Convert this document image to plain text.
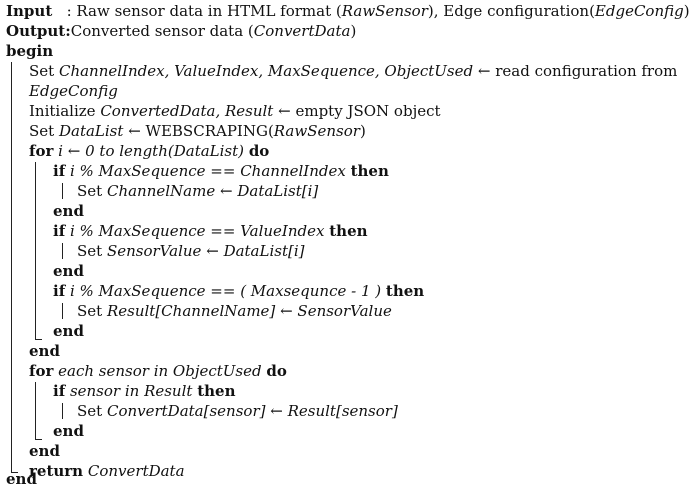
Input : Raw sensor data in HTML format (RawSensor), Edge configuration(EdgeConfig)
Output:Converted sensor data (ConvertData)
begin
Set ChannelIndex, ValueIndex, MaxSequence, ObjectUsed ← read configuration from
EdgeConfig
Initialize ConvertedData, Result ← empty JSON object
Set DataList ← WEBSCRAPING(RawSensor)
for i ← 0 to length(DataList) do
if i % MaxSequence == ChannelIndex then
Set ChannelName ← DataList[i]
end
if i % MaxSequence == ValueIndex then
Set SensorValue ← DataList[i]
end
if i % MaxSequence == ( Maxsequnce - 1 ) then
Set Result[ChannelName] ← SensorValue
end
end
for each sensor in ObjectUsed do
if sensor in Result then
Set ConvertData[sensor] ← Result[sensor]
end
end
return ConvertData
end
